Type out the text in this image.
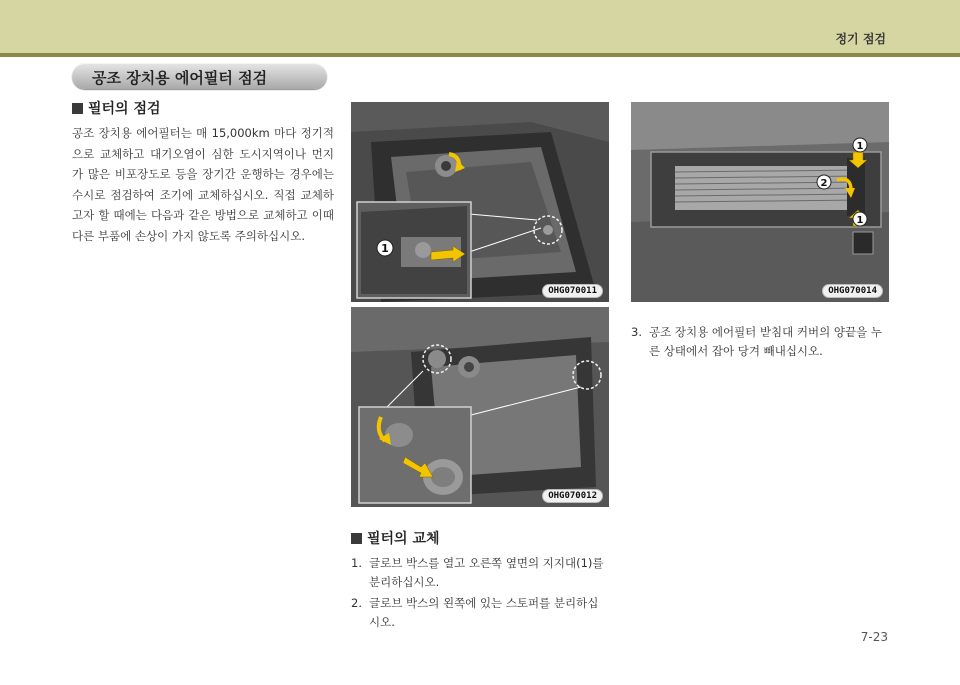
정기 점검
공조 장치용 에어필터 점검
필터의 점검
공조 장치용 에어필터는 매 15,000km 마다 정기적으로 교체하고 대기오염이 심한 도시지역이나 먼지가 많은 비포장도로 등을 장기간 운행하는 경우에는 수시로 점검하여 조기에 교체하십시오. 직접 교체하고자 할 때에는 다음과 같은 방법으로 교체하고 이때 다른 부품에 손상이 가지 않도록 주의하십시오.
1
OHG070011
OHG070012
1
2
1
OHG070014
필터의 교체
1. 글로브 박스를 열고 오른쪽 옆면의 지지대(1)를 분리하십시오.
2. 글로브 박스의 왼쪽에 있는 스토퍼를 분리하십시오.
3. 공조 장치용 에어필터 받침대 커버의 양끝을 누른 상태에서 잡아 당겨 빼내십시오.
7-23
